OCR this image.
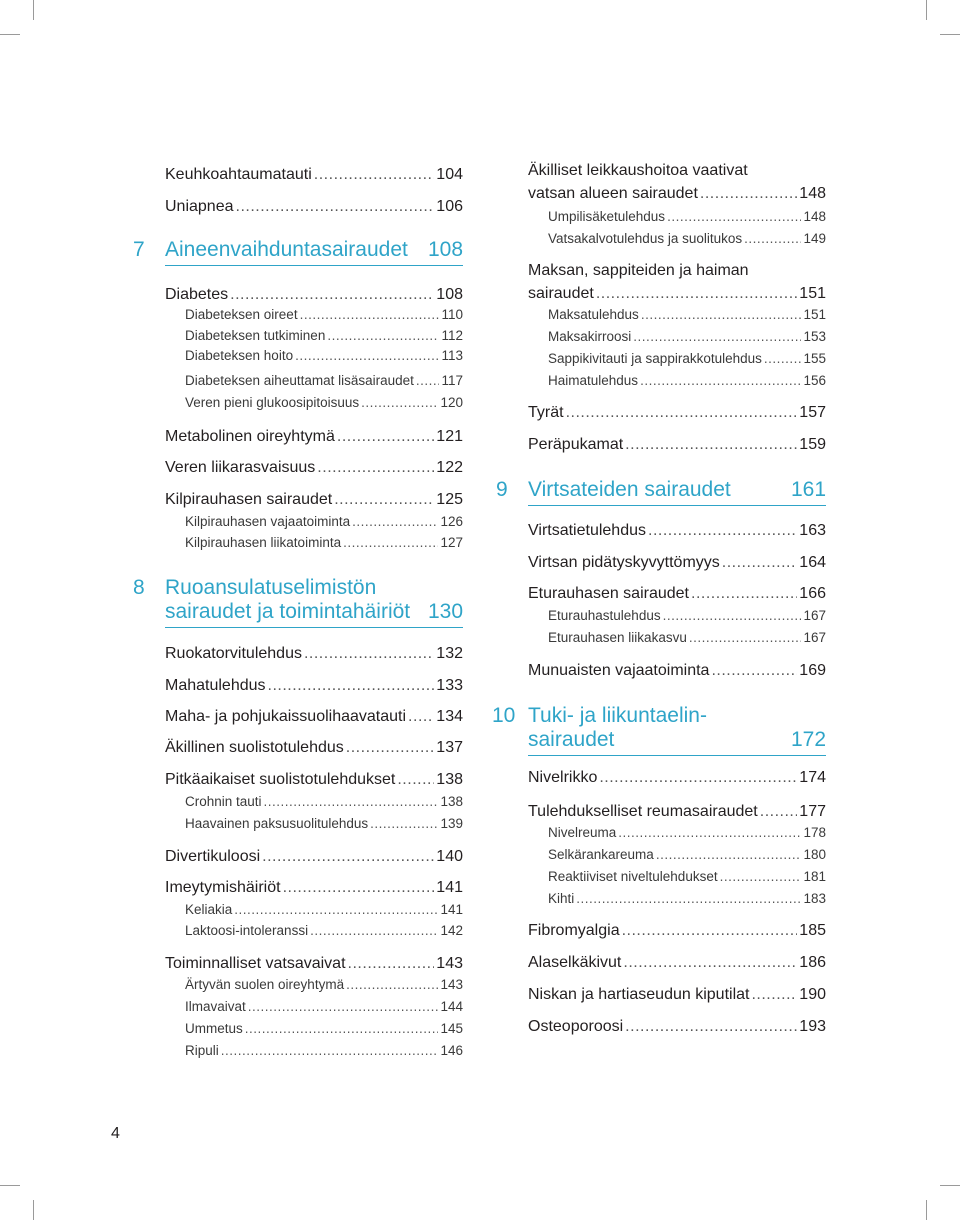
Keuhkoahtaumatauti .....	104
Uniapnea .....	106
7 Aineenvaihduntasairaudet 108
Diabetes .....	108
Diabeteksen oireet .....	110
Diabeteksen tutkiminen .....	112
Diabeteksen hoito .....	113
Diabeteksen aiheuttamat lisäsairaudet ..... 117
Veren pieni glukoosipitoisuus .....	120
Metabolinen oireyhtymä .....	121
Veren liikarasvaisuus .....	122
Kilpirauhasen sairaudet .....	125
Kilpirauhasen vajaatoiminta .....	126
Kilpirauhasen liikatoiminta .....	127
8 Ruoansulatuselimistön
sairaudet ja toimintahäiriöt 130
Ruokatorvitulehdus .....	132
Mahatulehdus .....	133
Maha- ja pohjukaissuolihaavatauti ..... 134
Äkillinen suolistotulehdus .....	137
Pitkäaikaiset suolistotulehdukset .....	138
Crohnin tauti .....	138
Haavainen paksusuolitulehdus .....	139
Divertikuloosi .....	140
Imeytymishäiriöt .....	141
Keliakia .....	141
Laktoosi-intoleranssi .....	142
Toiminnalliset vatsavaivat .....	143
Ärtyvän suolen oireyhtymä .....	143
Ilmavaivat .....	144
Ummetus .....	145
Ripuli .....	146
Äkilliset leikkaushoitoa vaativat
vatsan alueen sairaudet .....	148
Umpilisäketulehdus .....	148
Vatsakalvotulehdus ja suolitukos .....	149
Maksan, sappiteiden ja haiman
sairaudet .....	151
Maksatulehdus .....	151
Maksakirroosi .....	153
Sappikivitauti ja sappirakkotulehdus .....	155
Haimatulehdus .....	156
Tyrät .....	157
Peräpukamat .....	159
9 Virtsateiden sairaudet	161
Virtsatietulehdus .....	163
Virtsan pidätyskyvyttömyys .....	164
Eturauhasen sairaudet .....	166
Eturauhastulehdus .....	167
Eturauhasen liikakasvu .....	167
Munuaisten vajaatoiminta .....	169
10 Tuki- ja liikuntaelin-
sairaudet	172
Nivelrikko .....	174
Tulehdukselliset reumasairaudet .....	177
Nivelreuma .....	178
Selkärankareuma .....	180
Reaktiiviset niveltulehdukset .....	181
Kihti .....	183
Fibromyalgia .....	185
Alaselkäkivut .....	186
Niskan ja hartiaseudun kiputilat .....	190
Osteoporoosi .....	193
4
